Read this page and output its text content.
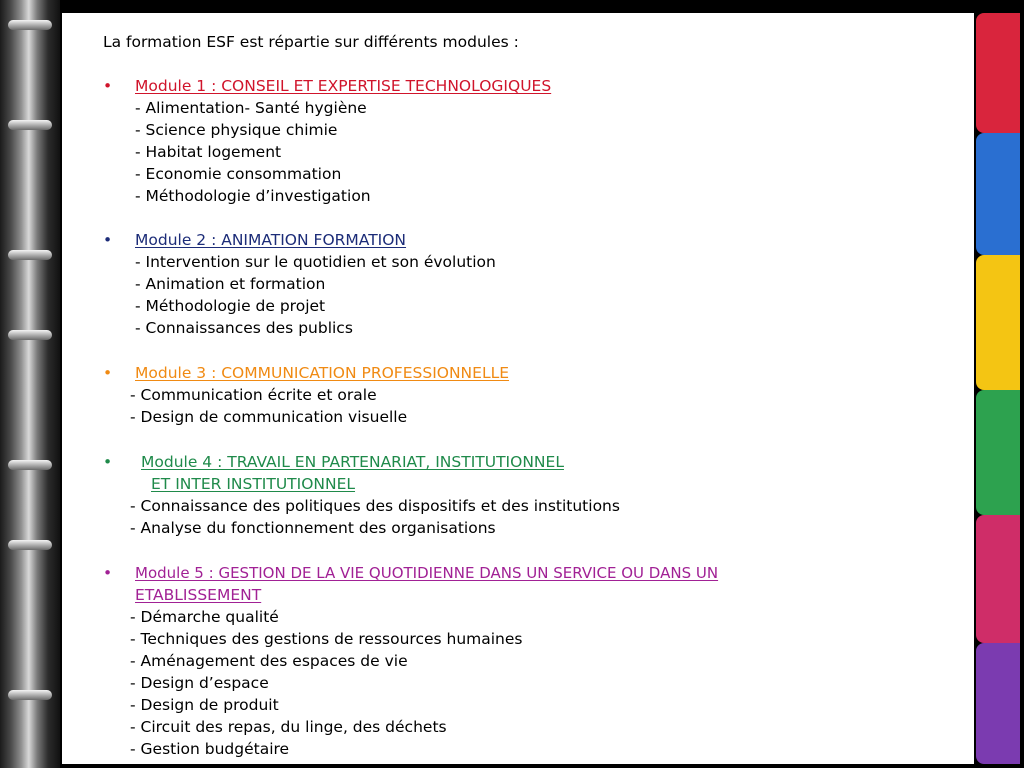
La formation ESF est répartie sur différents modules :
• Module 1 : CONSEIL ET EXPERTISE TECHNOLOGIQUES
- Alimentation- Santé hygiène
- Science physique chimie
- Habitat logement
- Economie consommation
- Méthodologie d’investigation
• Module 2 : ANIMATION FORMATION
- Intervention sur le quotidien et son évolution
- Animation et formation
- Méthodologie de projet
- Connaissances des publics
• Module 3 : COMMUNICATION PROFESSIONNELLE
- Communication écrite et orale
- Design de communication visuelle
• Module 4 : TRAVAIL EN PARTENARIAT, INSTITUTIONNEL
ET INTER INSTITUTIONNEL
- Connaissance des politiques des dispositifs et des institutions
- Analyse du fonctionnement des organisations
• Module 5 : GESTION DE LA VIE QUOTIDIENNE DANS UN SERVICE OU DANS UN
ETABLISSEMENT
- Démarche qualité
- Techniques des gestions de ressources humaines
- Aménagement des espaces de vie
- Design d’espace
- Design de produit
- Circuit des repas, du linge, des déchets
- Gestion budgétaire
